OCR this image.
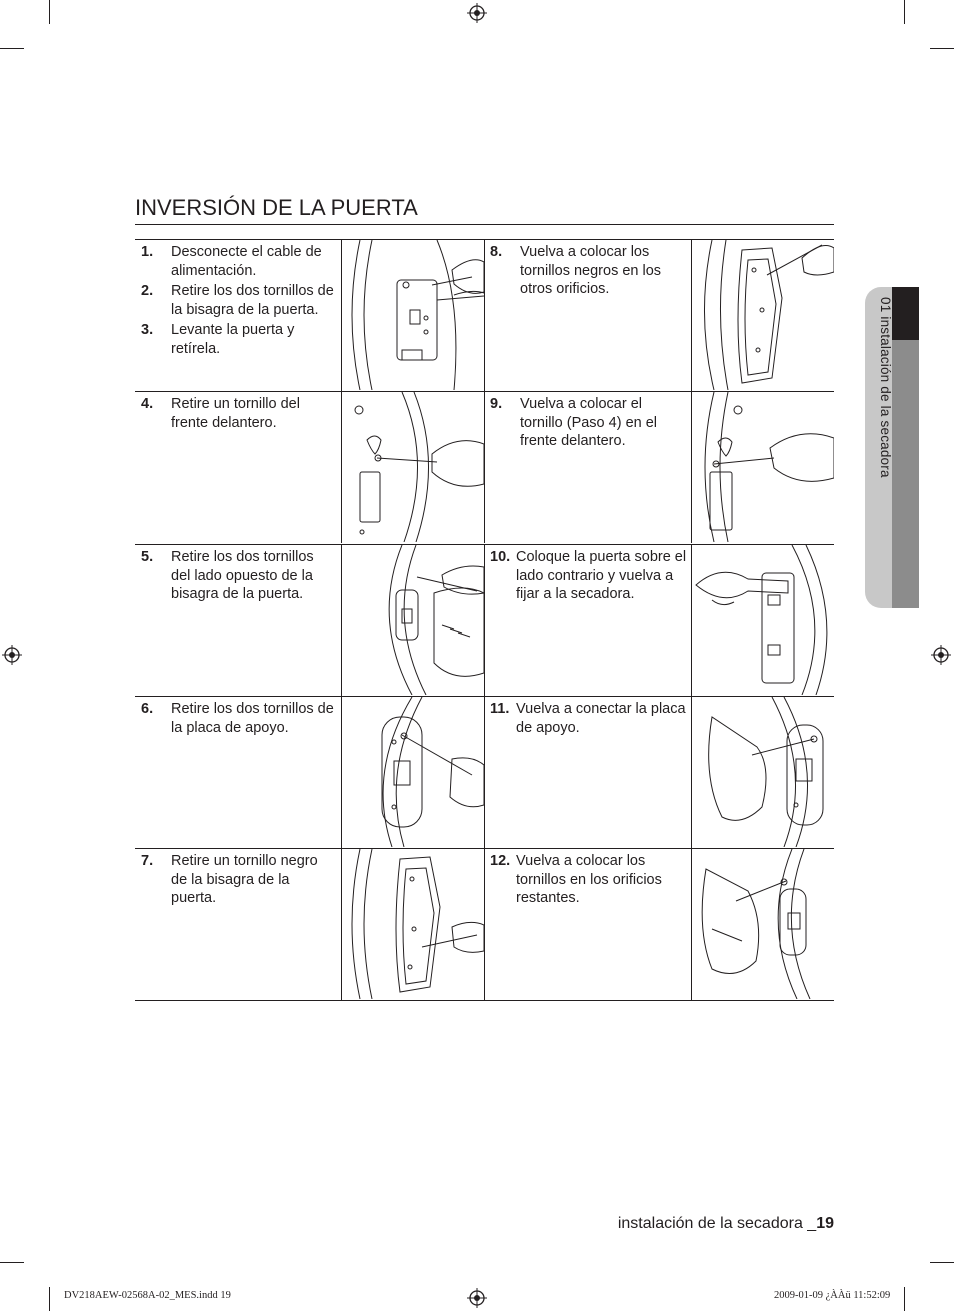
INVERSIÓN DE LA PUERTA
01 instalación de la secadora
1.	Desconecte el cable de alimentación.
2.	Retire los dos tornillos de la bisagra de la puerta.
3.	Levante la puerta y retírela.
8.	Vuelva a colocar los tornillos negros en los otros orificios.
4.	Retire un tornillo del frente delantero.
9.	Vuelva a colocar el tornillo (Paso 4) en el frente delantero.
5.	Retire los dos tornillos del lado opuesto de la bisagra de la puerta.
10. Coloque la puerta sobre el lado contrario y vuelva a fijar a la secadora.
6.	Retire los dos tornillos de la placa de apoyo.
11. Vuelva a conectar la placa de apoyo.
7.	Retire un tornillo negro de la bisagra de la puerta.
12. Vuelva a colocar los tornillos en los orificios restantes.
instalación de la secadora _19
DV218AEW-02568A-02_MES.indd 19	2009-01-09 ¿ÀÀü 11:52:09
